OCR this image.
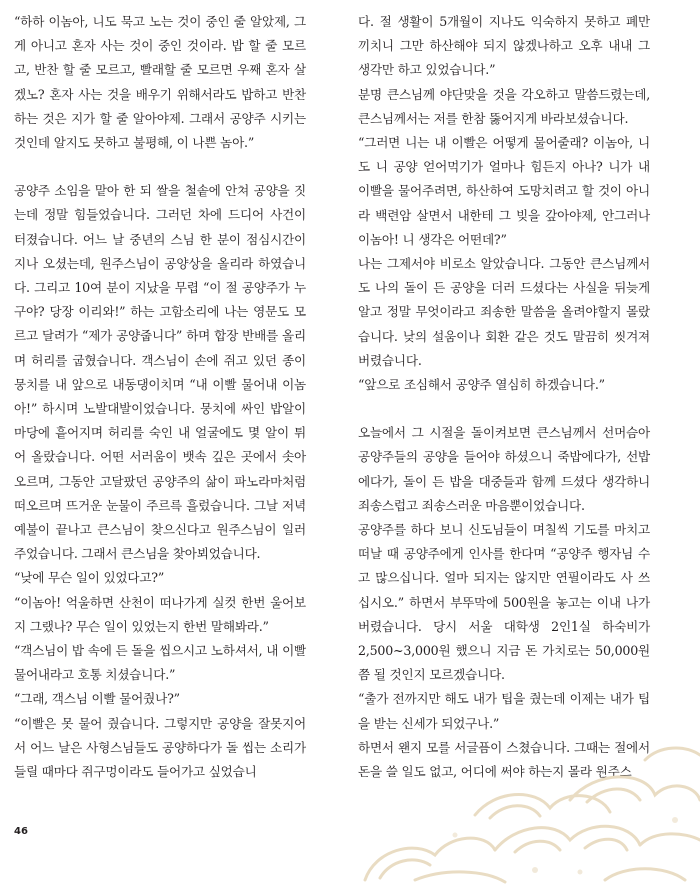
“하하 이놈아, 니도 묵고 노는 것이 중인 줄 알았제, 그게 아니고 혼자 사는 것이 중인 것이라. 밥 할 줄 모르고, 반찬 할 줄 모르고, 빨래할 줄 모르면 우째 혼자 살겠노? 혼자 사는 것을 배우기 위해서라도 밥하고 반찬 하는 것은 지가 할 줄 알아야제. 그래서 공양주 시키는 것인데 알지도 못하고 불평해, 이 나쁜 놈아.”

공양주 소임을 맡아 한 되 쌀을 철솥에 안쳐 공양을 짓는데 정말 힘들었습니다. 그러던 차에 드디어 사건이 터졌습니다. 어느 날 중년의 스님 한 분이 점심시간이 지나 오셨는데, 원주스님이 공양상을 올리라 하였습니다. 그리고 10여 분이 지났을 무렵 “이 절 공양주가 누구야? 당장 이리와!” 하는 고함소리에 나는 영문도 모르고 달려가 “제가 공양줍니다” 하며 합장 반배를 올리며 허리를 굽혔습니다. 객스님이 손에 쥐고 있던 종이 뭉치를 내 앞으로 내동댕이치며 “내 이빨 물어내 이놈아!” 하시며 노발대발이었습니다. 뭉치에 싸인 밥알이 마당에 흩어지며 허리를 숙인 내 얼굴에도 몇 알이 튀어 올랐습니다. 어떤 서러움이 뱃속 깊은 곳에서 솟아오르며, 그동안 고달팠던 공양주의 삶이 파노라마처럼 떠오르며 뜨거운 눈물이 주르륵 흘렀습니다. 그날 저녁예불이 끝나고 큰스님이 찾으신다고 원주스님이 일러 주었습니다. 그래서 큰스님을 찾아뵈었습니다.

“낮에 무슨 일이 있었다고?”

“이놈아! 억울하면 산천이 떠나가게 실컷 한번 울어보지 그랬나? 무슨 일이 있었는지 한번 말해봐라.”

“객스님이 밥 속에 든 돌을 씹으시고 노하셔서, 내 이빨 물어내라고 호통 치셨습니다.”

“그래, 객스님 이빨 물어줬나?”

“이빨은 못 물어 줬습니다. 그렇지만 공양을 잘못지어서 어느 날은 사형스님들도 공양하다가 돌 씹는 소리가 들릴 때마다 쥐구멍이라도 들어가고 싶었습니

다. 절 생활이 5개월이 지나도 익숙하지 못하고 폐만 끼치니 그만 하산해야 되지 않겠나하고 오후 내내 그 생각만 하고 있었습니다.”

분명 큰스님께 야단맞을 것을 각오하고 말씀드렸는데, 큰스님께서는 저를 한참 뚫어지게 바라보셨습니다.

“그러면 니는 내 이빨은 어떻게 물어줄래? 이놈아, 니도 니 공양 얻어먹기가 얼마나 힘든지 아나? 니가 내 이빨을 물어주려면, 하산하여 도망치려고 할 것이 아니라 백련암 살면서 내한테 그 빚을 갚아야제, 안그러나 이놈아! 니 생각은 어떤데?”

나는 그제서야 비로소 알았습니다. 그동안 큰스님께서도 나의 돌이 든 공양을 더러 드셨다는 사실을 뒤늦게 알고 정말 무엇이라고 죄송한 말씀을 올려야할지 몰랐습니다. 낮의 설움이나 회환 같은 것도 말끔히 씻겨져버렸습니다.

“앞으로 조심해서 공양주 열심히 하겠습니다.”

오늘에서 그 시절을 돌이켜보면 큰스님께서 선머슴아 공양주들의 공양을 들어야 하셨으니 죽밥에다가, 선밥에다가, 돌이 든 밥을 대중들과 함께 드셨다 생각하니 죄송스럽고 죄송스러운 마음뿐이었습니다.

공양주를 하다 보니 신도님들이 며칠씩 기도를 마치고 떠날 때 공양주에게 인사를 한다며 “공양주 행자님 수고 많으십니다. 얼마 되지는 않지만 연필이라도 사 쓰십시오.” 하면서 부뚜막에 500원을 놓고는 이내 나가버렸습니다. 당시 서울 대학생 2인1실 하숙비가 2,500~3,000원 했으니 지금 돈 가치로는 50,000원쯤 될 것인지 모르겠습니다.

“출가 전까지만 해도 내가 팁을 줬는데 이제는 내가 팁을 받는 신세가 되었구나.”

하면서 왠지 모를 서글픔이 스쳤습니다. 그때는 절에서 돈을 쓸 일도 없고, 어디에 써야 하는지 몰라 원주스

46
